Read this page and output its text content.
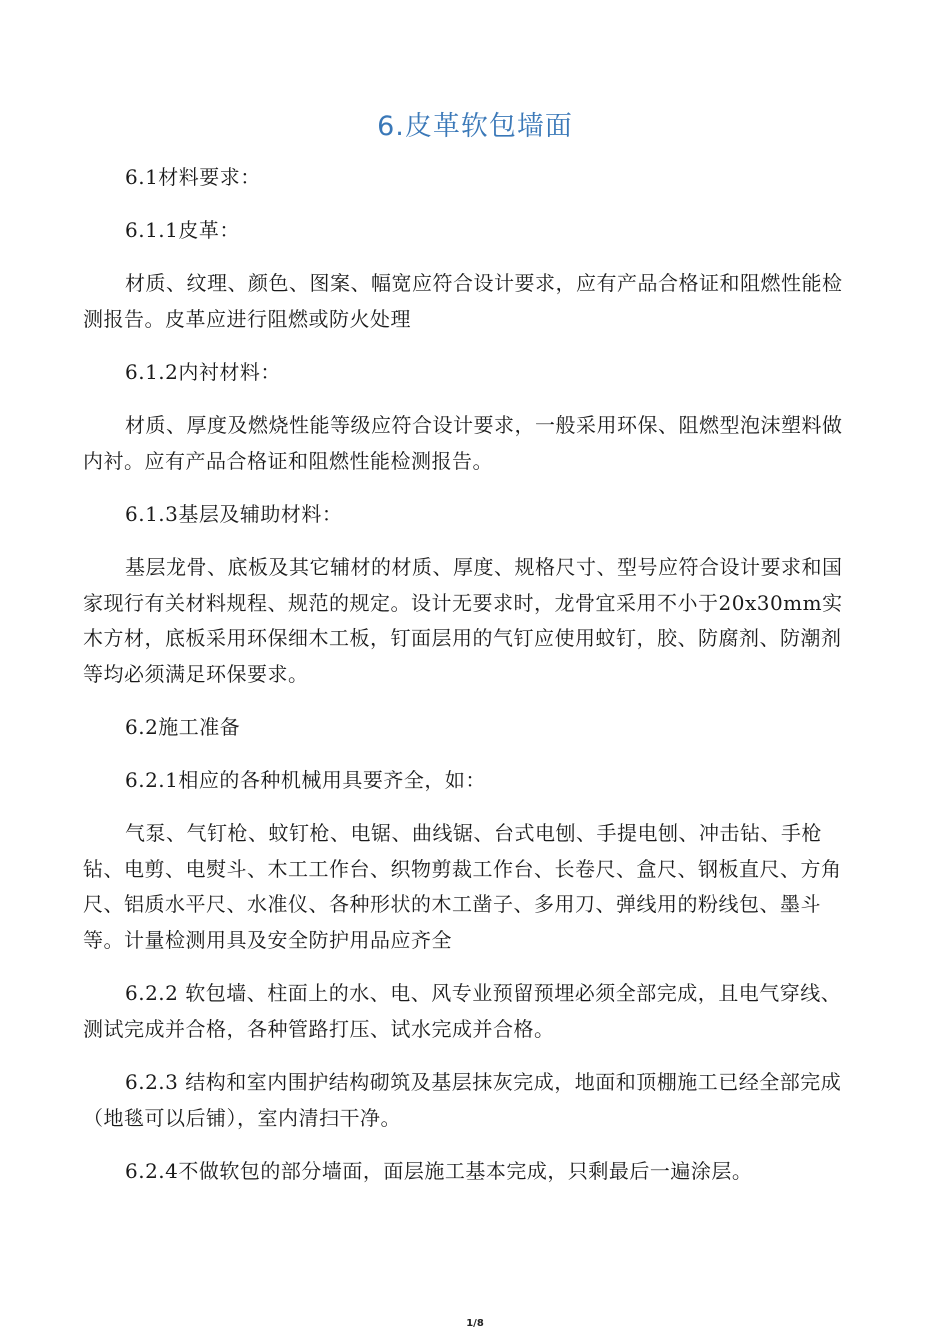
6.皮革软包墙面
6.1材料要求：
6.1.1皮革：
材质、纹理、颜色、图案、幅宽应符合设计要求，应有产品合格证和阻燃性能检测报告。皮革应进行阻燃或防火处理
6.1.2内衬材料：
材质、厚度及燃烧性能等级应符合设计要求，一般采用环保、阻燃型泡沫塑料做内衬。应有产品合格证和阻燃性能检测报告。
6.1.3基层及辅助材料：
基层龙骨、底板及其它辅材的材质、厚度、规格尺寸、型号应符合设计要求和国家现行有关材料规程、规范的规定。设计无要求时，龙骨宜采用不小于20x30mm实木方材，底板采用环保细木工板，钉面层用的气钉应使用蚊钉，胶、防腐剂、防潮剂等均必须满足环保要求。
6.2施工准备
6.2.1相应的各种机械用具要齐全，如：
气泵、气钉枪、蚊钉枪、电锯、曲线锯、台式电刨、手提电刨、冲击钻、手枪钻、电剪、电熨斗、木工工作台、织物剪裁工作台、长卷尺、盒尺、钢板直尺、方角尺、铝质水平尺、水准仪、各种形状的木工凿子、多用刀、弹线用的粉线包、墨斗等。计量检测用具及安全防护用品应齐全
6.2.2 软包墙、柱面上的水、电、风专业预留预埋必须全部完成，且电气穿线、测试完成并合格，各种管路打压、试水完成并合格。
6.2.3 结构和室内围护结构砌筑及基层抹灰完成，地面和顶棚施工已经全部完成（地毯可以后铺），室内清扫干净。
6.2.4不做软包的部分墙面，面层施工基本完成，只剩最后一遍涂层。
1/8
